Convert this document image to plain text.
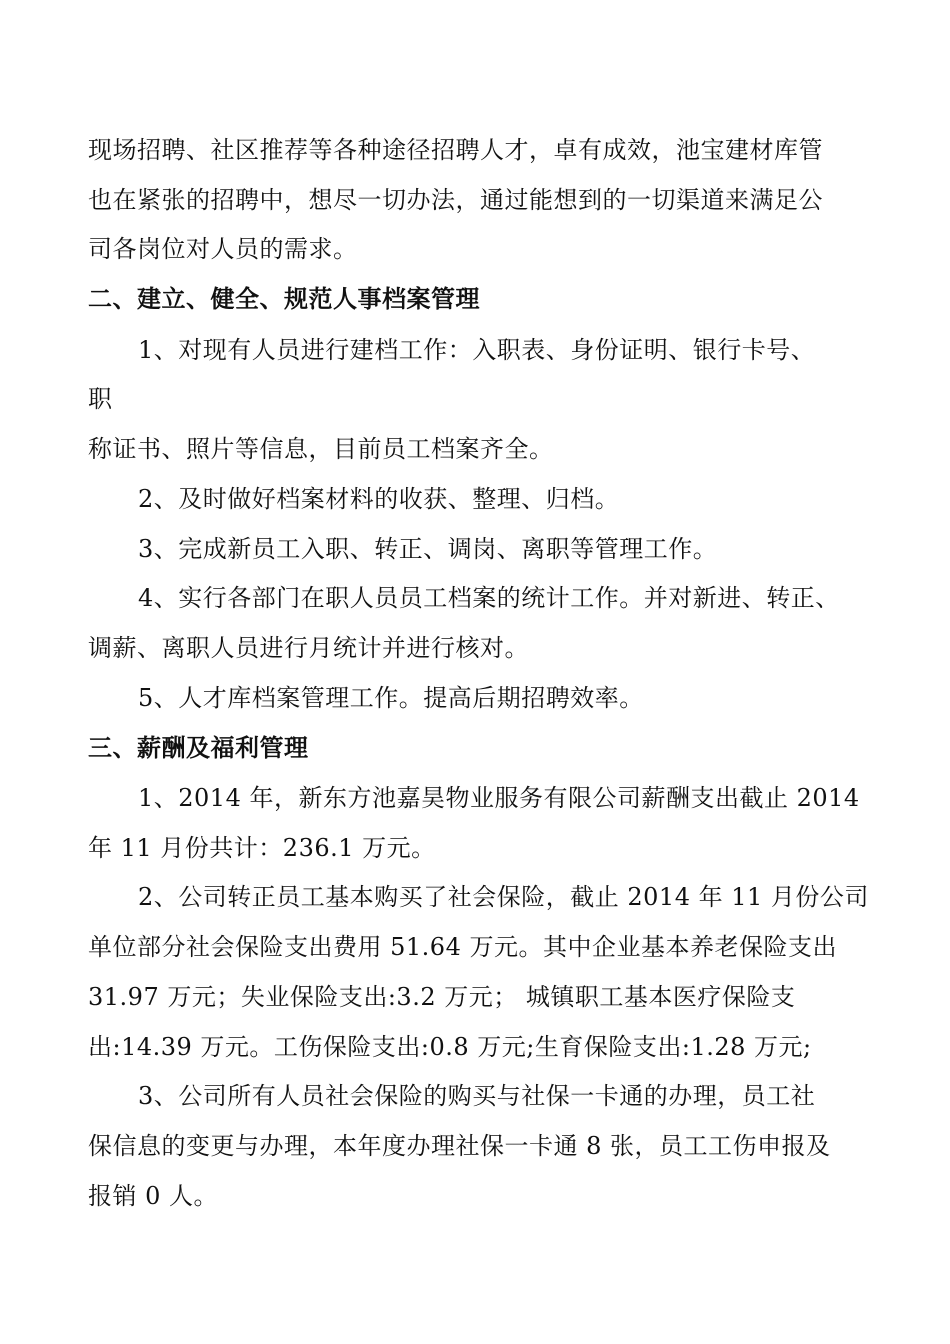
现场招聘、社区推荐等各种途径招聘人才，卓有成效，池宝建材库管
也在紧张的招聘中，想尽一切办法，通过能想到的一切渠道来满足公
司各岗位对人员的需求。
二、建立、健全、规范人事档案管理
1、对现有人员进行建档工作：入职表、身份证明、银行卡号、
职
称证书、照片等信息，目前员工档案齐全。
2、及时做好档案材料的收获、整理、归档。
3、完成新员工入职、转正、调岗、离职等管理工作。
4、实行各部门在职人员员工档案的统计工作。并对新进、转正、
调薪、离职人员进行月统计并进行核对。
5、人才库档案管理工作。提高后期招聘效率。
三、薪酬及福利管理
1、2014 年，新东方池嘉昊物业服务有限公司薪酬支出截止 2014
年 11 月份共计：236.1 万元。
2、公司转正员工基本购买了社会保险，截止 2014 年 11 月份公司
单位部分社会保险支出费用 51.64 万元。其中企业基本养老保险支出
31.97 万元；失业保险支出:3.2 万元； 城镇职工基本医疗保险支
出:14.39 万元。工伤保险支出:0.8 万元;生育保险支出:1.28 万元;
3、公司所有人员社会保险的购买与社保一卡通的办理，员工社
保信息的变更与办理，本年度办理社保一卡通 8 张，员工工伤申报及
报销 0 人。
